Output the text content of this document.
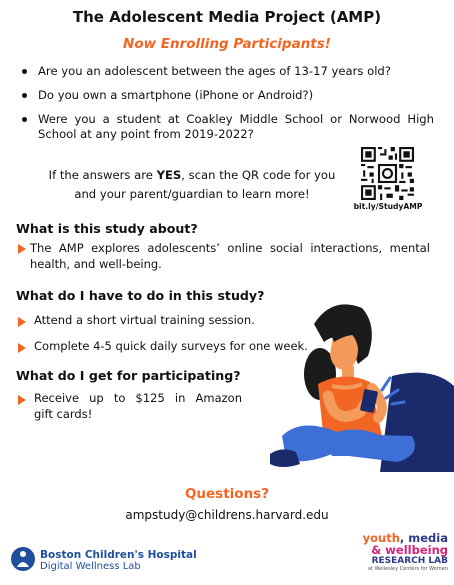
The Adolescent Media Project (AMP)
Now Enrolling Participants!
Are you an adolescent between the ages of 13-17 years old?
Do you own a smartphone (iPhone or Android?)
Were you a student at Coakley Middle School or Norwood High School at any point from 2019-2022?
If the answers are YES, scan the QR code for you and your parent/guardian to learn more!
bit.ly/StudyAMP
What is this study about?
The AMP explores adolescents’ online social interactions, mental health, and well-being.
What do I have to do in this study?
Attend a short virtual training session.
Complete 4-5 quick daily surveys for one week.
What do I get for participating?
Receive up to $125 in Amazon
gift cards!
Questions?
ampstudy@childrens.harvard.edu
Boston Children's Hospital
Digital Wellness Lab
youth, media
& wellbeing
RESEARCH LAB
at Wellesley Centers for Women
